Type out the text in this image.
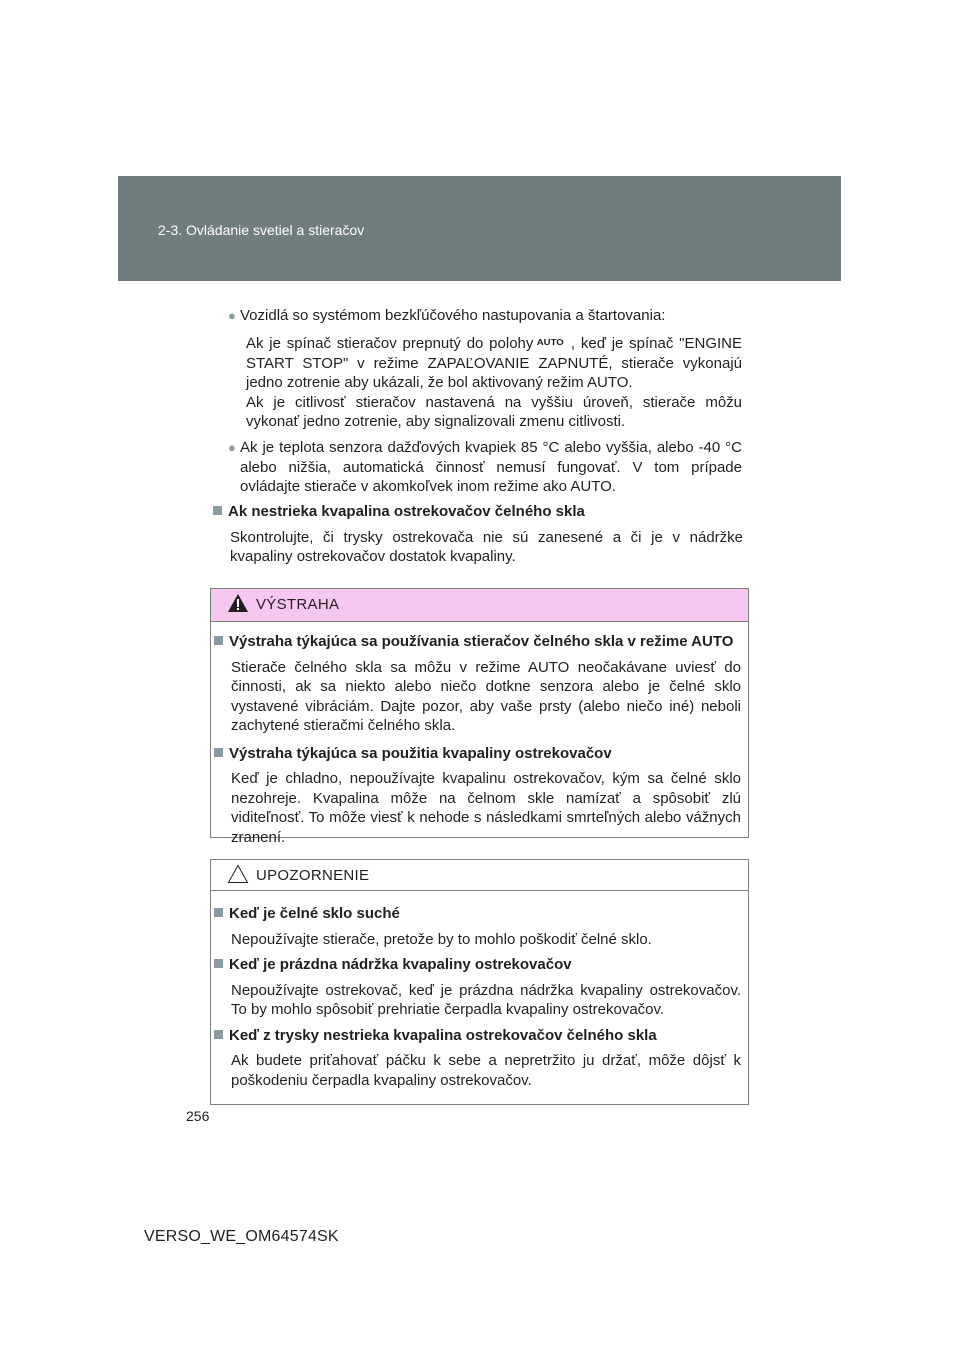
2-3. Ovládanie svetiel a stieračov
● Vozidlá so systémom bezkľúčového nastupovania a štartovania:
Ak je spínač stieračov prepnutý do polohy AUTO , keď je spínač "ENGINE START STOP" v režime ZAPAĽOVANIE ZAPNUTÉ, stierače vykonajú jedno zotrenie aby ukázali, že bol aktivovaný režim AUTO.
Ak je citlivosť stieračov nastavená na vyššiu úroveň, stierače môžu vykonať jedno zotrenie, aby signalizovali zmenu citlivosti.
● Ak je teplota senzora dažďových kvapiek 85 °C alebo vyššia, alebo -40 °C alebo nižšia, automatická činnosť nemusí fungovať. V tom prípade ovládajte stierače v akomkoľvek inom režime ako AUTO.
Ak nestrieka kvapalina ostrekovačov čelného skla
Skontrolujte, či trysky ostrekovača nie sú zanesené a či je v nádržke kvapaliny ostrekovačov dostatok kvapaliny.
VÝSTRAHA
Výstraha týkajúca sa používania stieračov čelného skla v režime AUTO
Stierače čelného skla sa môžu v režime AUTO neočakávane uviesť do činnosti, ak sa niekto alebo niečo dotkne senzora alebo je čelné sklo vystavené vibráciám. Dajte pozor, aby vaše prsty (alebo niečo iné) neboli zachytené stieračmi čelného skla.
Výstraha týkajúca sa použitia kvapaliny ostrekovačov
Keď je chladno, nepoužívajte kvapalinu ostrekovačov, kým sa čelné sklo nezohreje. Kvapalina môže na čelnom skle namízať a spôsobiť zlú viditeľnosť. To môže viesť k nehode s následkami smrteľných alebo vážnych zranení.
UPOZORNENIE
Keď je čelné sklo suché
Nepoužívajte stierače, pretože by to mohlo poškodiť čelné sklo.
Keď je prázdna nádržka kvapaliny ostrekovačov
Nepoužívajte ostrekovač, keď je prázdna nádržka kvapaliny ostrekovačov. To by mohlo spôsobiť prehriatie čerpadla kvapaliny ostrekovačov.
Keď z trysky nestrieka kvapalina ostrekovačov čelného skla
Ak budete priťahovať páčku k sebe a nepretržito ju držať, môže dôjsť k poškodeniu čerpadla kvapaliny ostrekovačov.
256
VERSO_WE_OM64574SK
